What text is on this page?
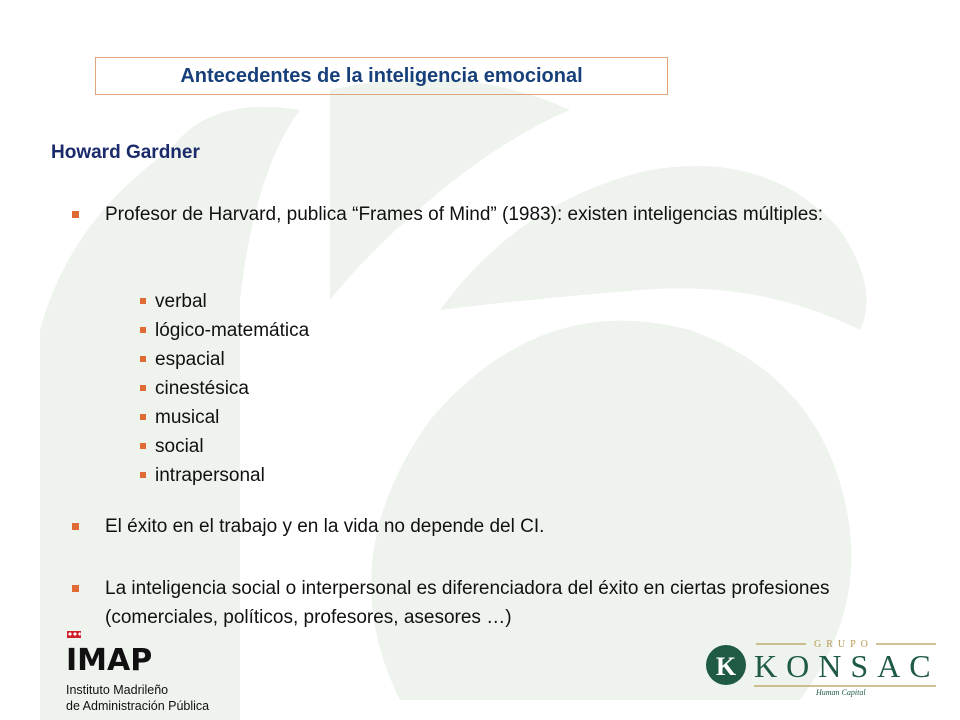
Antecedentes de la inteligencia emocional
Howard Gardner
Profesor de Harvard, publica “Frames of Mind” (1983): existen inteligencias múltiples:
verbal
lógico-matemática
espacial
cinestésica
musical
social
intrapersonal
El éxito en el trabajo y en la vida no depende del CI.
La inteligencia social o interpersonal es diferenciadora del éxito en ciertas profesiones (comerciales, políticos, profesores, asesores …)
IMAP
Instituto Madrileño
de Administración Pública
GRUPO
K KONSAC
Human Capital
